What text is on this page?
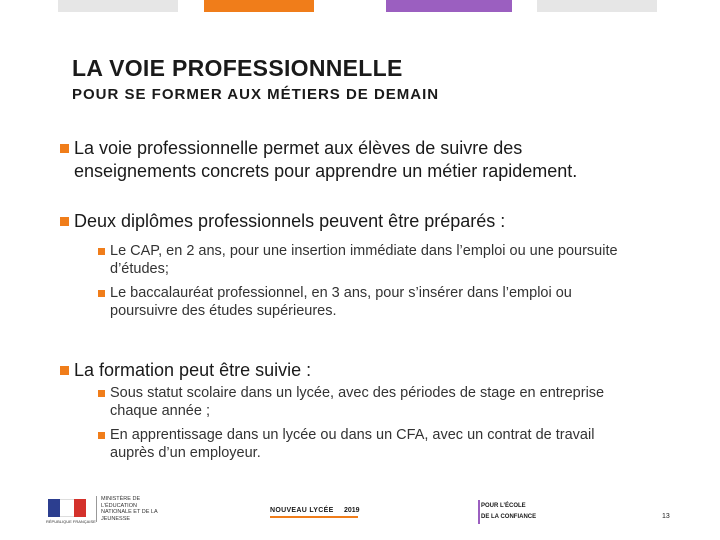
LA VOIE PROFESSIONNELLE
POUR SE FORMER AUX MÉTIERS DE DEMAIN
La voie professionnelle permet aux élèves de suivre des
enseignements concrets pour apprendre un métier rapidement.
Deux diplômes professionnels peuvent être préparés :
Le CAP, en 2 ans, pour une insertion immédiate dans l’emploi ou une poursuite
d’études;
Le baccalauréat professionnel, en 3 ans, pour s’insérer dans l’emploi ou
poursuivre des études supérieures.
La formation peut être suivie :
Sous statut scolaire dans un lycée, avec des périodes de stage en entreprise
chaque année ;
En apprentissage dans un lycée ou dans un CFA, avec un contrat de travail
auprès d’un employeur.
RÉPUBLIQUE FRANÇAISE
MINISTÈRE DE L’ÉDUCATION NATIONALE ET DE LA JEUNESSE
NOUVEAU LYCÉE 2019
POUR L’ÉCOLE
DE LA CONFIANCE	13
